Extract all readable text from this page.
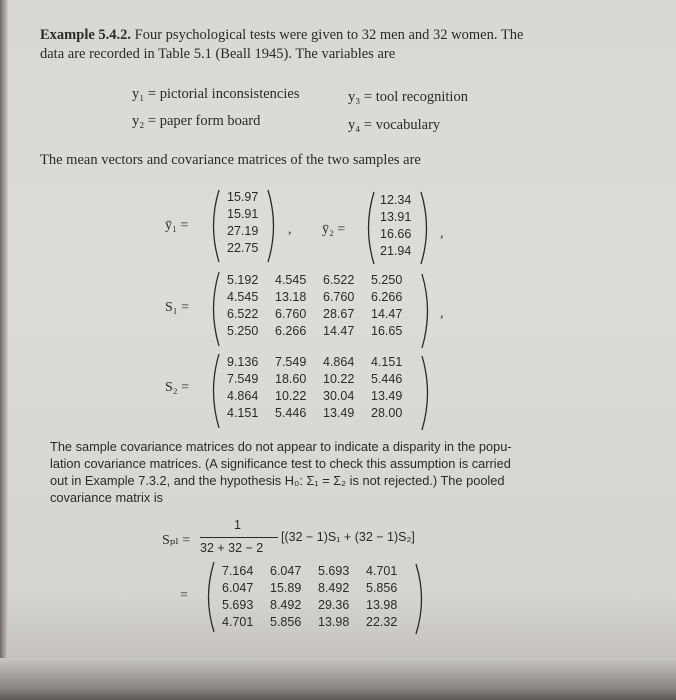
Example 5.4.2. Four psychological tests were given to 32 men and 32 women. The
data are recorded in Table 5.1 (Beall 1945). The variables are
y₁ = pictorial inconsistencies
y₂ = paper form board
y₃ = tool recognition
y₄ = vocabulary
The mean vectors and covariance matrices of the two samples are
ȳ₁ =
15.97
15.91
27.19
22.75
, ȳ₂ =
12.34
13.91
16.66
21.94
,
S₁ =
5.192	4.545	6.522	5.250
4.545	13.18	6.760	6.266
6.522	6.760	28.67	14.47
5.250	6.266	14.47	16.65
,
S₂ =
9.136	7.549	4.864	4.151
7.549	18.60	10.22	5.446
4.864	10.22	30.04	13.49
4.151	5.446	13.49	28.00
The sample covariance matrices do not appear to indicate a disparity in the popu-
lation covariance matrices. (A significance test to check this assumption is carried
out in Example 7.3.2, and the hypothesis H₀: Σ₁ = Σ₂ is not rejected.) The pooled
covariance matrix is
Sₚₗ =
1
32 + 32 − 2
[(32 − 1)S₁ + (32 − 1)S₂]
=
7.164	6.047	5.693	4.701
6.047	15.89	8.492	5.856
5.693	8.492	29.36	13.98
4.701	5.856	13.98	22.32
